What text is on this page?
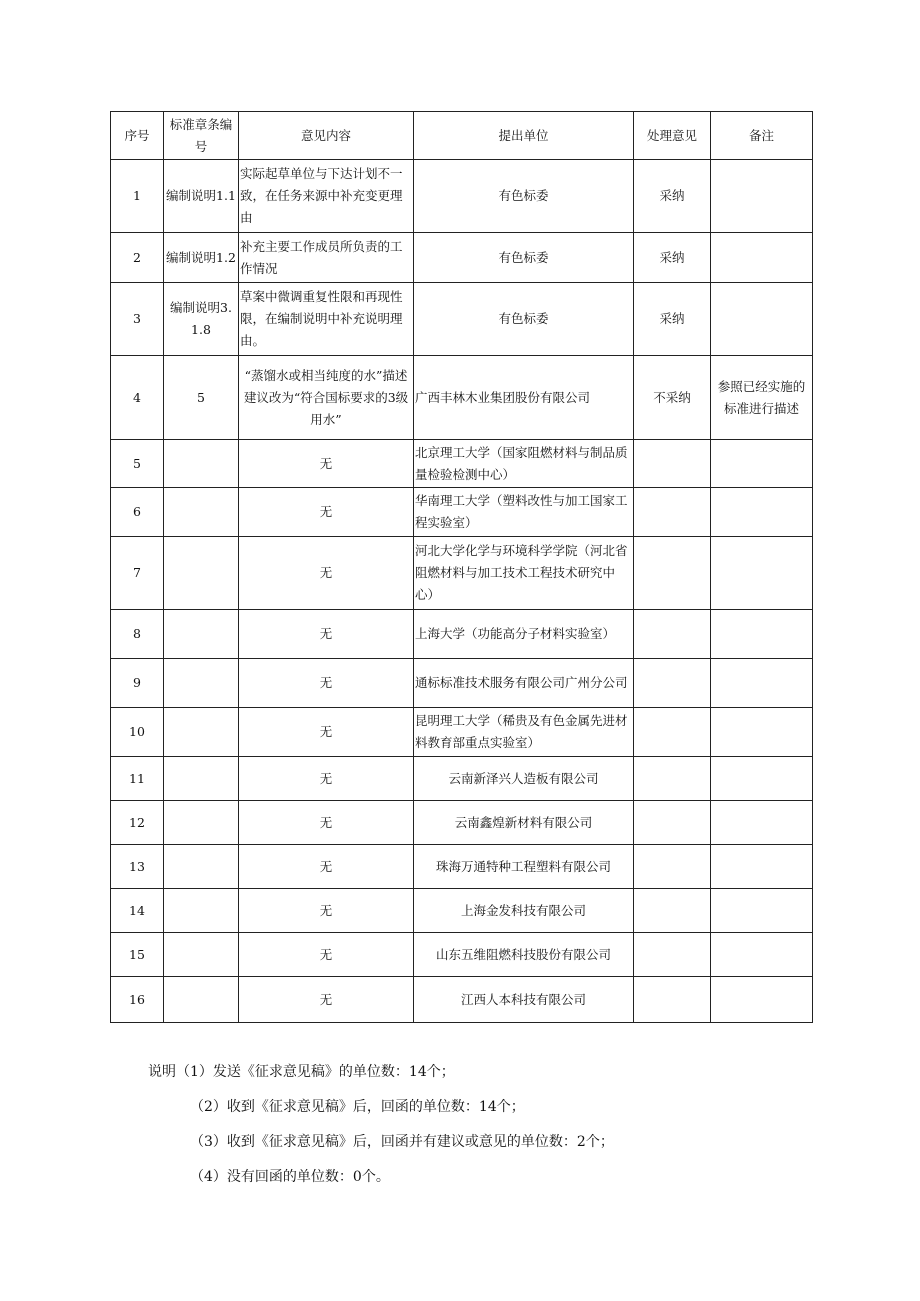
序号	标准章条编号	意见内容	提出单位	处理意见	备注
1	编制说明1.1	实际起草单位与下达计划不一致，在任务来源中补充变更理由	有色标委	采纳	
2	编制说明1.2	补充主要工作成员所负责的工作情况	有色标委	采纳	
3	编制说明3.1.8	草案中微调重复性限和再现性限，在编制说明中补充说明理由。	有色标委	采纳	
4	5	“蒸馏水或相当纯度的水”描述建议改为“符合国标要求的3级用水”	广西丰林木业集团股份有限公司	不采纳	参照已经实施的标准进行描述
5		无	北京理工大学（国家阻燃材料与制品质量检验检测中心）		
6		无	华南理工大学（塑料改性与加工国家工程实验室）		
7		无	河北大学化学与环境科学学院（河北省阻燃材料与加工技术工程技术研究中心）		
8		无	上海大学（功能高分子材料实验室）		
9		无	通标标准技术服务有限公司广州分公司		
10		无	昆明理工大学（稀贵及有色金属先进材料教育部重点实验室）		
11		无	云南新泽兴人造板有限公司		
12		无	云南鑫煌新材料有限公司		
13		无	珠海万通特种工程塑料有限公司		
14		无	上海金发科技有限公司		
15		无	山东五维阻燃科技股份有限公司		
16		无	江西人本科技有限公司		
说明（1）发送《征求意见稿》的单位数：14个；
（2）收到《征求意见稿》后，回函的单位数：14个；
（3）收到《征求意见稿》后，回函并有建议或意见的单位数：2个；
（4）没有回函的单位数：0个。
